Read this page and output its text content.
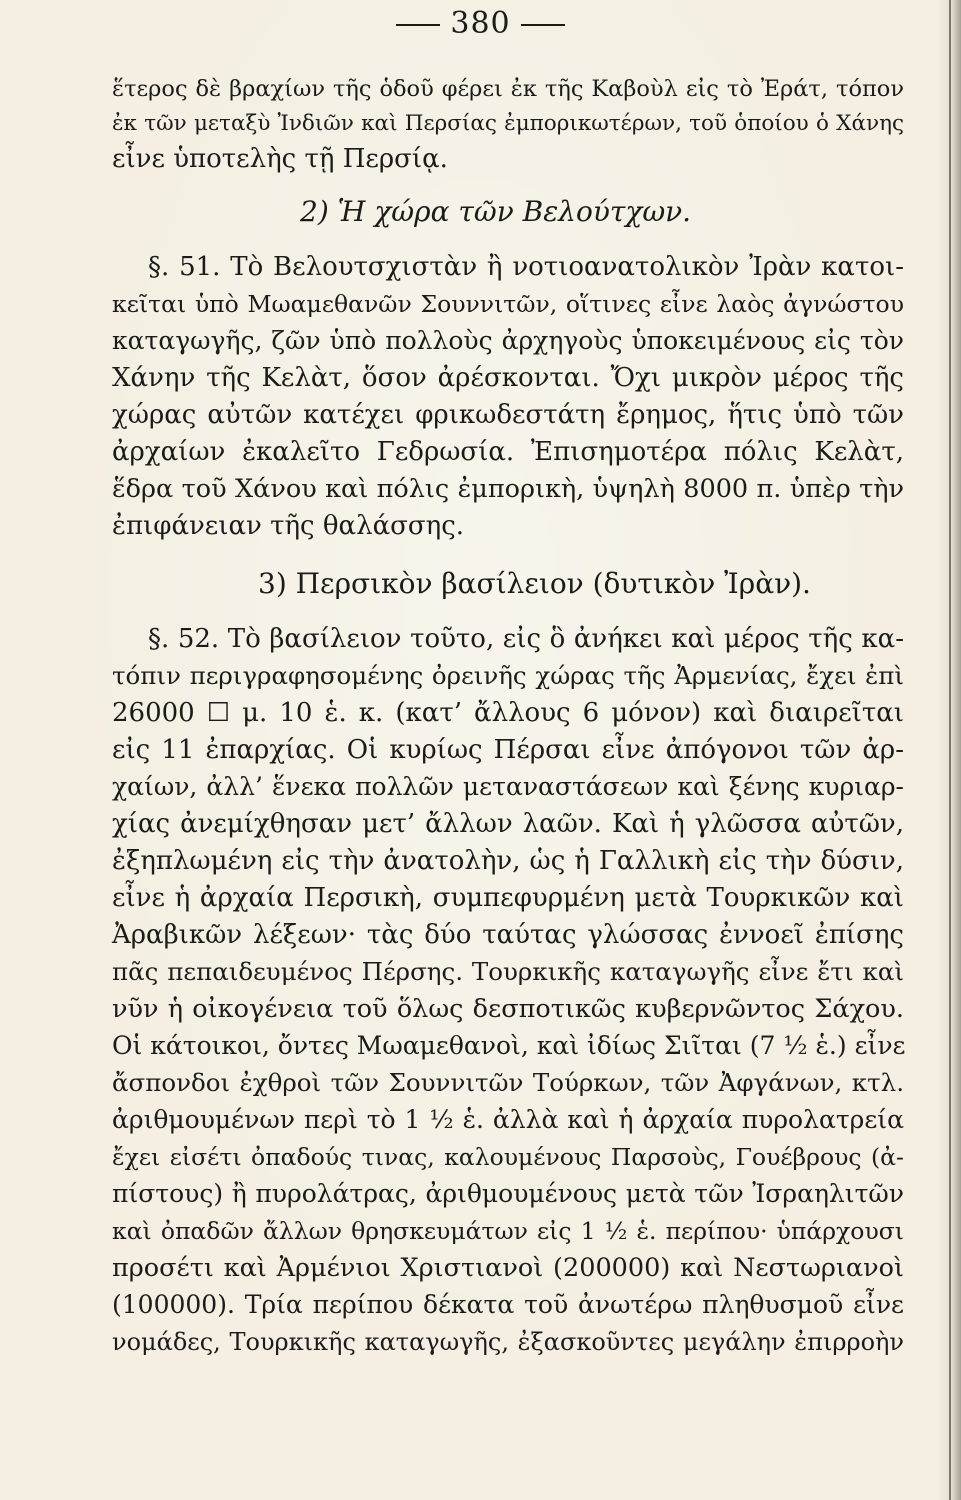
380
ἕτερος δὲ βραχίων τῆς ὁδοῦ φέρει ἐκ τῆς Καβοὺλ εἰς τὸ Ἐράτ, τόπον
ἐκ τῶν μεταξὺ Ἰνδιῶν καὶ Περσίας ἐμπορικωτέρων, τοῦ ὁποίου ὁ Χάνης
εἶνε ὑποτελὴς τῇ Περσίᾳ.
2) Ἡ χώρα τῶν Βελούτχων.
§. 51. Τὸ Βελουτσχιστὰν ἢ νοτιοανατολικὸν Ἰρὰν κατοι-
κεῖται ὑπὸ Μωαμεθανῶν Σουννιτῶν, οἵτινες εἶνε λαὸς ἀγνώστου
καταγωγῆς, ζῶν ὑπὸ πολλοὺς ἀρχηγοὺς ὑποκειμένους εἰς τὸν
Χάνην τῆς Κελὰτ, ὅσον ἀρέσκονται. Ὄχι μικρὸν μέρος τῆς
χώρας αὐτῶν κατέχει φρικωδεστάτη ἔρημος, ἥτις ὑπὸ τῶν
ἀρχαίων ἐκαλεῖτο Γεδρωσία. Ἐπισημοτέρα πόλις Κελὰτ,
ἕδρα τοῦ Χάνου καὶ πόλις ἐμπορικὴ, ὑψηλὴ 8000 π. ὑπὲρ τὴν
ἐπιφάνειαν τῆς θαλάσσης.
3) Περσικὸν βασίλειον (δυτικὸν Ἰρὰν).
§. 52. Τὸ βασίλειον τοῦτο, εἰς ὃ ἀνήκει καὶ μέρος τῆς κα-
τόπιν περιγραφησομένης ὀρεινῆς χώρας τῆς Ἀρμενίας, ἔχει ἐπὶ
26000 ☐ μ. 10 ἑ. κ. (κατ’ ἄλλους 6 μόνον) καὶ διαιρεῖται
εἰς 11 ἐπαρχίας. Οἱ κυρίως Πέρσαι εἶνε ἀπόγονοι τῶν ἀρ-
χαίων, ἀλλ’ ἕνεκα πολλῶν μεταναστάσεων καὶ ξένης κυριαρ-
χίας ἀνεμίχθησαν μετ’ ἄλλων λαῶν. Καὶ ἡ γλῶσσα αὐτῶν,
ἐξηπλωμένη εἰς τὴν ἀνατολὴν, ὡς ἡ Γαλλικὴ εἰς τὴν δύσιν,
εἶνε ἡ ἀρχαία Περσικὴ, συμπεφυρμένη μετὰ Τουρκικῶν καὶ
Ἀραβικῶν λέξεων· τὰς δύο ταύτας γλώσσας ἐννοεῖ ἐπίσης
πᾶς πεπαιδευμένος Πέρσης. Τουρκικῆς καταγωγῆς εἶνε ἔτι καὶ
νῦν ἡ οἰκογένεια τοῦ ὅλως δεσποτικῶς κυβερνῶντος Σάχου.
Οἱ κάτοικοι, ὄντες Μωαμεθανοὶ, καὶ ἰδίως Σιῖται (7 ½ ἑ.) εἶνε
ἄσπονδοι ἐχθροὶ τῶν Σουννιτῶν Τούρκων, τῶν Ἀφγάνων, κτλ.
ἀριθμουμένων περὶ τὸ 1 ½ ἑ. ἀλλὰ καὶ ἡ ἀρχαία πυρολατρεία
ἔχει εἰσέτι ὀπαδούς τινας, καλουμένους Παρσοὺς, Γουέβρους (ἀ-
πίστους) ἢ πυρολάτρας, ἀριθμουμένους μετὰ τῶν Ἰσραηλιτῶν
καὶ ὀπαδῶν ἄλλων θρησκευμάτων εἰς 1 ½ ἑ. περίπου· ὑπάρχουσι
προσέτι καὶ Ἀρμένιοι Χριστιανοὶ (200000) καὶ Νεστωριανοὶ
(100000). Τρία περίπου δέκατα τοῦ ἀνωτέρω πληθυσμοῦ εἶνε
νομάδες, Τουρκικῆς καταγωγῆς, ἐξασκοῦντες μεγάλην ἐπιρροὴν
